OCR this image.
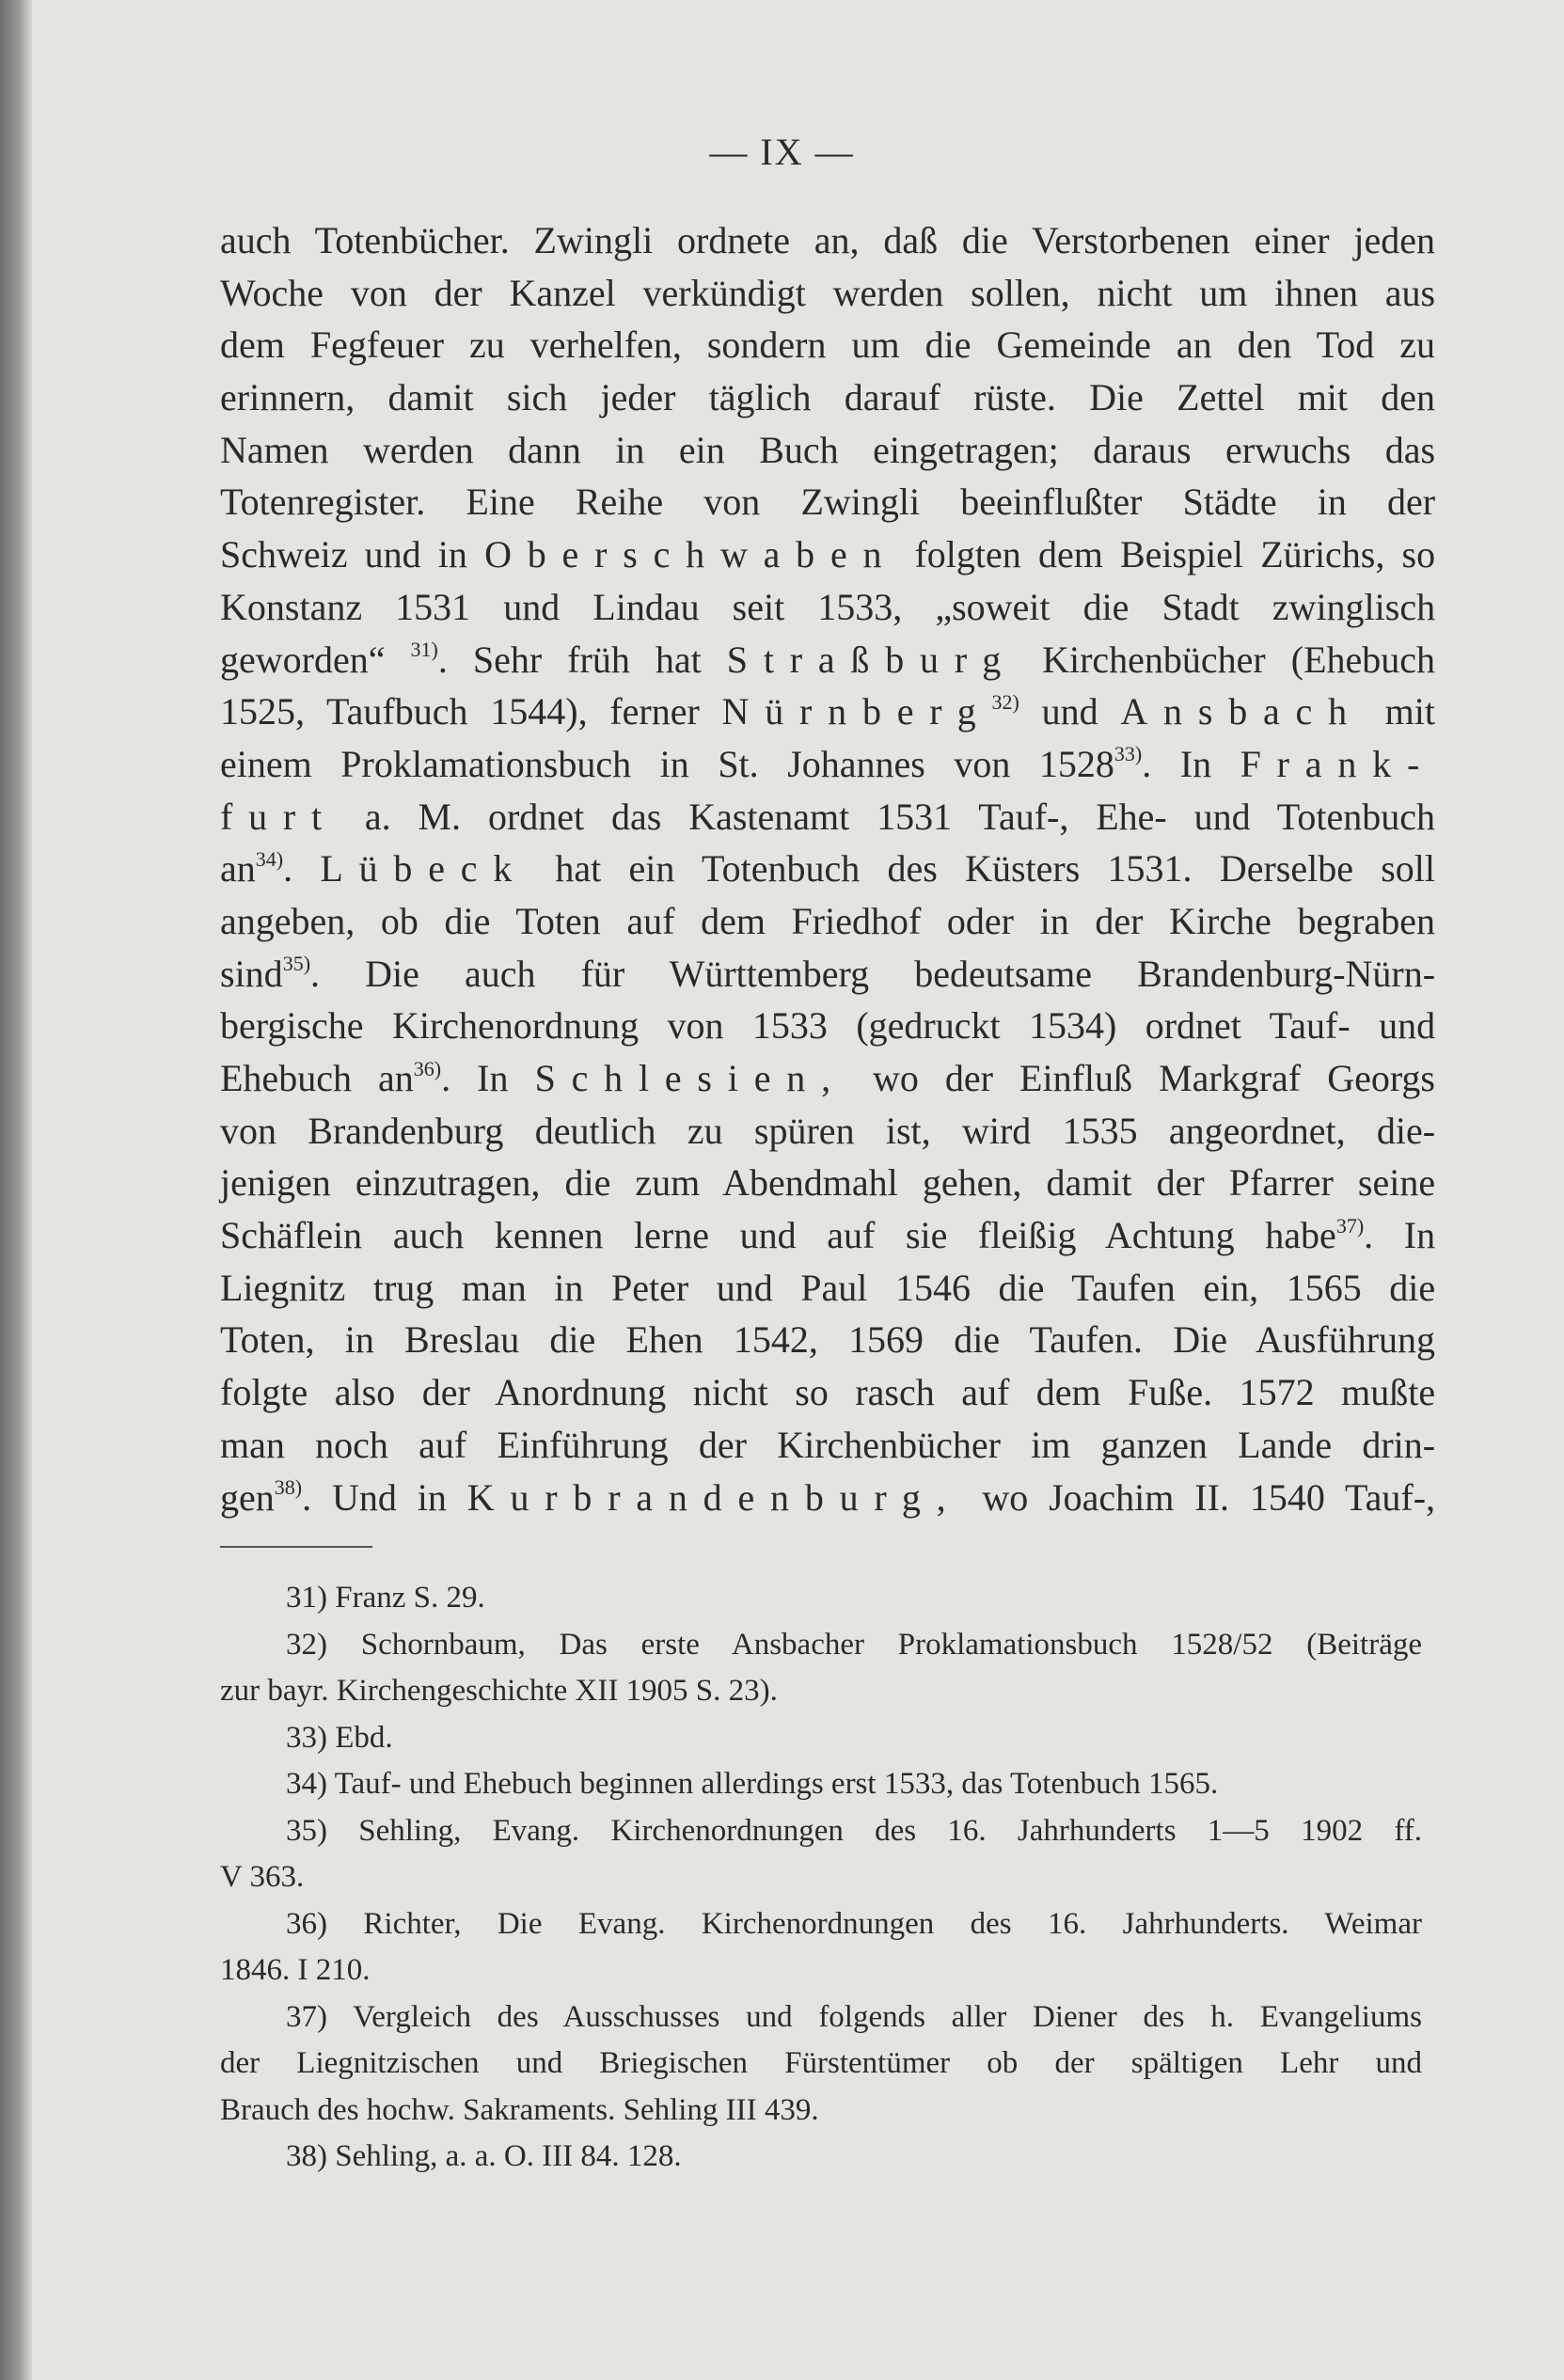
— IX —
auch Totenbücher. Zwingli ordnete an, daß die Verstorbenen einer jeden
Woche von der Kanzel verkündigt werden sollen, nicht um ihnen aus
dem Fegfeuer zu verhelfen, sondern um die Gemeinde an den Tod zu
erinnern, damit sich jeder täglich darauf rüste. Die Zettel mit den
Namen werden dann in ein Buch eingetragen; daraus erwuchs das
Totenregister. Eine Reihe von Zwingli beeinflußter Städte in der
Schweiz und in Oberschwaben folgten dem Beispiel Zürichs, so
Konstanz 1531 und Lindau seit 1533, „soweit die Stadt zwinglisch
geworden“ $^{31)}$. Sehr früh hat Straßburg Kirchenbücher (Ehebuch
1525, Taufbuch 1544), ferner Nürnberg$^{32)}$ und Ansbach mit
einem Proklamationsbuch in St. Johannes von 1528$^{33)}$. In Frank-
furt a. M. ordnet das Kastenamt 1531 Tauf-, Ehe- und Totenbuch
$an^{34)}$. Lübeck hat ein Totenbuch des Küsters 1531. Derselbe soll
angeben, ob die Toten auf dem Friedhof oder in der Kirche begraben
sind$^{35)}$. Die auch für Württemberg bedeutsame Brandenburg-Nürn-
bergische Kirchenordnung von 1533 (gedruckt 1534) ordnet Tauf- und
Ehebuch $an^{36)}$. In Schlesien, wo der Einfluß Markgraf Georgs
von Brandenburg deutlich zu spüren ist, wird 1535 angeordnet, die-
jenigen einzutragen, die zum Abendmahl gehen, damit der Pfarrer seine
Schäflein auch kennen lerne und auf sie fleißig Achtung habe$^{37)}$. In
Liegnitz trug man in Peter und Paul 1546 die Taufen ein, 1565 die
Toten, in Breslau die Ehen 1542, 1569 die Taufen. Die Ausführung
folgte also der Anordnung nicht so rasch auf dem Fuße. 1572 mußte
man noch auf Einführung der Kirchenbücher im ganzen Lande drin-
gen$^{38)}$. Und in Kurbrandenburg, wo Joachim II. 1540 Tauf-,
31) Franz S. 29.
32) Schornbaum, Das erste Ansbacher Proklamationsbuch 1528/52 (Beiträge
zur bayr. Kirchengeschichte XII 1905 S. 23).
33) Ebd.
34) Tauf- und Ehebuch beginnen allerdings erst 1533, das Totenbuch 1565.
35) Sehling, Evang. Kirchenordnungen des 16. Jahrhunderts 1—5 1902 ff.
V 363.
36) Richter, Die Evang. Kirchenordnungen des 16. Jahrhunderts. Weimar
1846. I 210.
37) Vergleich des Ausschusses und folgends aller Diener des h. Evangeliums
der Liegnitzischen und Briegischen Fürstentümer ob der spältigen Lehr und
Brauch des hochw. Sakraments. Sehling III 439.
38) Sehling, a. a. O. III 84. 128.
